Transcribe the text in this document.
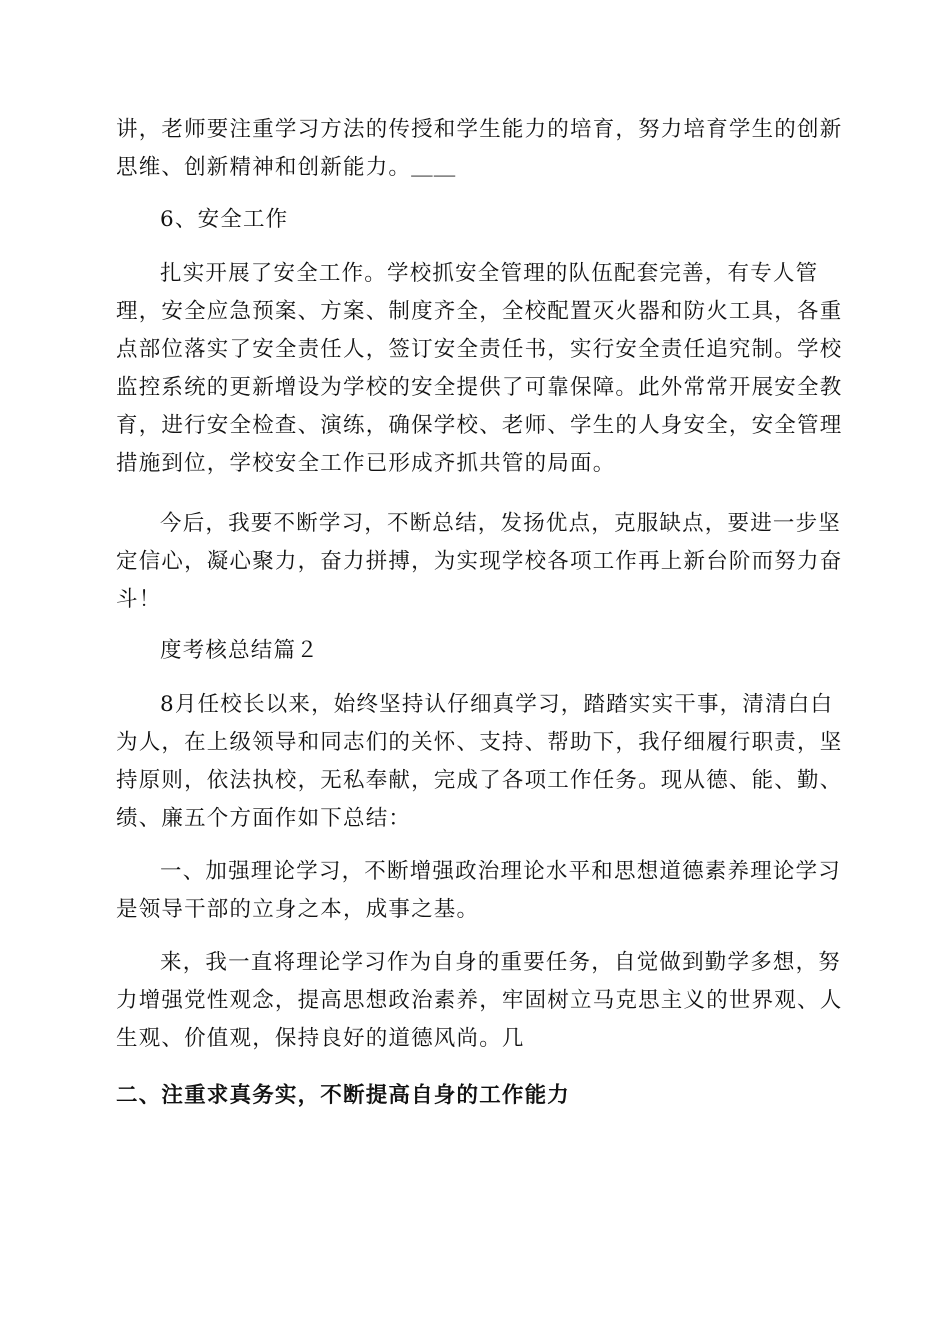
讲，老师要注重学习方法的传授和学生能力的培育，努力培育学生的创新
思维、创新精神和创新能力。＿＿
6、安全工作
扎实开展了安全工作。学校抓安全管理的队伍配套完善，有专人管
理，安全应急预案、方案、制度齐全，全校配置灭火器和防火工具，各重
点部位落实了安全责任人，签订安全责任书，实行安全责任追究制。学校
监控系统的更新增设为学校的安全提供了可靠保障。此外常常开展安全教
育，进行安全检查、演练，确保学校、老师、学生的人身安全，安全管理
措施到位，学校安全工作已形成齐抓共管的局面。
今后，我要不断学习，不断总结，发扬优点，克服缺点，要进一步坚
定信心，凝心聚力，奋力拼搏，为实现学校各项工作再上新台阶而努力奋
斗！
度考核总结篇２
8月任校长以来，始终坚持认仔细真学习，踏踏实实干事，清清白白
为人，在上级领导和同志们的关怀、支持、帮助下，我仔细履行职责，坚
持原则，依法执校，无私奉献，完成了各项工作任务。现从德、能、勤、
绩、廉五个方面作如下总结：
一、加强理论学习，不断增强政治理论水平和思想道德素养理论学习
是领导干部的立身之本，成事之基。
来，我一直将理论学习作为自身的重要任务，自觉做到勤学多想，努
力增强党性观念，提高思想政治素养，牢固树立马克思主义的世界观、人
生观、价值观，保持良好的道德风尚。几
二、注重求真务实，不断提高自身的工作能力
